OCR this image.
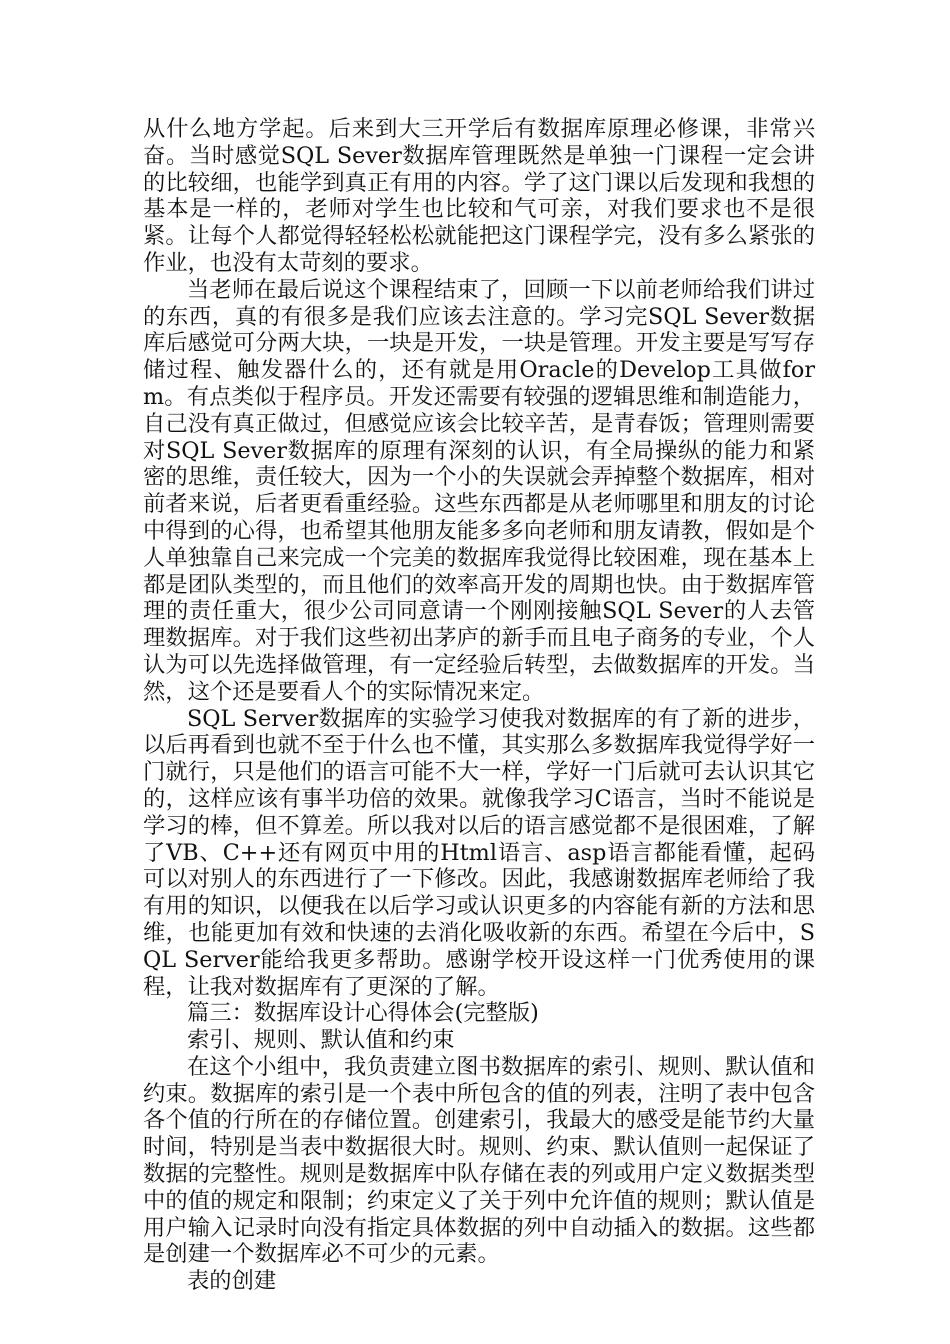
从什么地方学起。后来到大三开学后有数据库原理必修课，非常兴奋。当时感觉SQL Sever数据库管理既然是单独一门课程一定会讲的比较细，也能学到真正有用的内容。学了这门课以后发现和我想的基本是一样的，老师对学生也比较和气可亲，对我们要求也不是很紧。让每个人都觉得轻轻松松就能把这门课程学完，没有多么紧张的作业，也没有太苛刻的要求。

当老师在最后说这个课程结束了，回顾一下以前老师给我们讲过的东西，真的有很多是我们应该去注意的。学习完SQL Sever数据库后感觉可分两大块，一块是开发，一块是管理。开发主要是写写存储过程、触发器什么的，还有就是用Oracle的Develop工具做form。有点类似于程序员。开发还需要有较强的逻辑思维和制造能力，自己没有真正做过，但感觉应该会比较辛苦，是青春饭；管理则需要对SQL Sever数据库的原理有深刻的认识，有全局操纵的能力和紧密的思维，责任较大，因为一个小的失误就会弄掉整个数据库，相对前者来说，后者更看重经验。这些东西都是从老师哪里和朋友的讨论中得到的心得，也希望其他朋友能多多向老师和朋友请教，假如是个人单独靠自己来完成一个完美的数据库我觉得比较困难，现在基本上都是团队类型的，而且他们的效率高开发的周期也快。由于数据库管理的责任重大，很少公司同意请一个刚刚接触SQL Sever的人去管理数据库。对于我们这些初出茅庐的新手而且电子商务的专业，个人认为可以先选择做管理，有一定经验后转型，去做数据库的开发。当然，这个还是要看人个的实际情况来定。

SQL Server数据库的实验学习使我对数据库的有了新的进步，以后再看到也就不至于什么也不懂，其实那么多数据库我觉得学好一门就行，只是他们的语言可能不大一样，学好一门后就可去认识其它的，这样应该有事半功倍的效果。就像我学习C语言，当时不能说是学习的棒，但不算差。所以我对以后的语言感觉都不是很困难，了解了VB、C++还有网页中用的Html语言、asp语言都能看懂，起码可以对别人的东西进行了一下修改。因此，我感谢数据库老师给了我有用的知识，以便我在以后学习或认识更多的内容能有新的方法和思维，也能更加有效和快速的去消化吸收新的东西。希望在今后中，SQL Server能给我更多帮助。感谢学校开设这样一门优秀使用的课程，让我对数据库有了更深的了解。

篇三：数据库设计心得体会(完整版)

索引、规则、默认值和约束

在这个小组中，我负责建立图书数据库的索引、规则、默认值和约束。数据库的索引是一个表中所包含的值的列表，注明了表中包含各个值的行所在的存储位置。创建索引，我最大的感受是能节约大量时间，特别是当表中数据很大时。规则、约束、默认值则一起保证了数据的完整性。规则是数据库中队存储在表的列或用户定义数据类型中的值的规定和限制；约束定义了关于列中允许值的规则；默认值是用户输入记录时向没有指定具体数据的列中自动插入的数据。这些都是创建一个数据库必不可少的元素。

表的创建
